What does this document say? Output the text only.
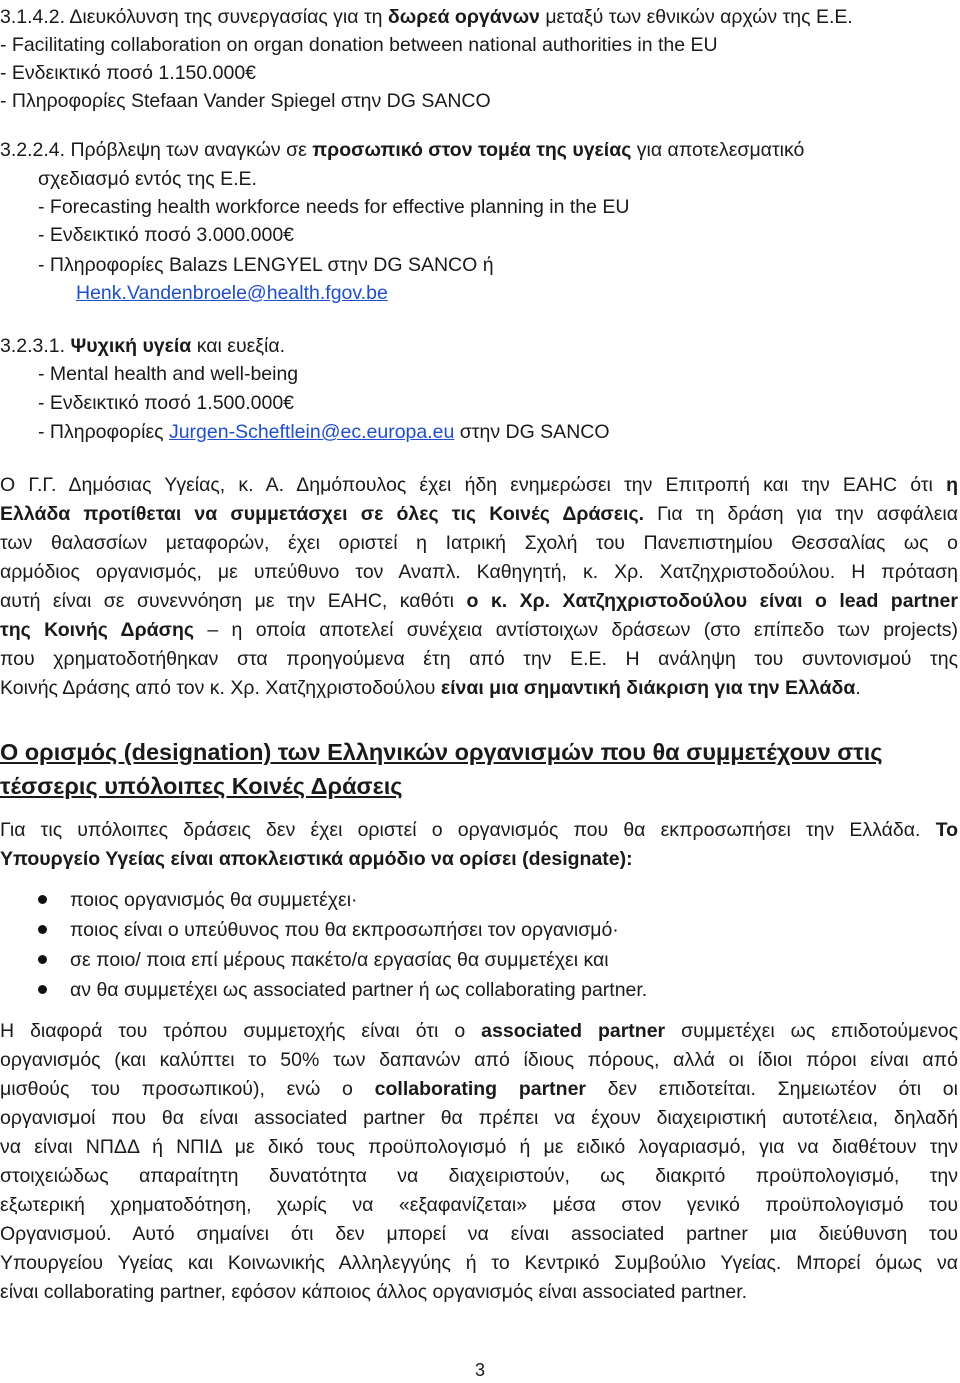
3.1.4.2. Διευκόλυνση της συνεργασίας για τη δωρεά οργάνων μεταξύ των εθνικών αρχών της Ε.Ε.
- Facilitating collaboration on organ donation between national authorities in the EU
- Ενδεικτικό ποσό 1.150.000€
- Πληροφορίες Stefaan Vander Spiegel στην DG SANCO
3.2.2.4. Πρόβλεψη των αναγκών σε προσωπικό στον τομέα της υγείας για αποτελεσματικό
σχεδιασμό εντός της Ε.Ε.
- Forecasting health workforce needs for effective planning in the EU
- Ενδεικτικό ποσό 3.000.000€
- Πληροφορίες Balazs LENGYEL στην DG SANCO ή
Henk.Vandenbroele@health.fgov.be
3.2.3.1. Ψυχική υγεία και ευεξία.
- Mental health and well-being
- Ενδεικτικό ποσό 1.500.000€
- Πληροφορίες Jurgen-Scheftlein@ec.europa.eu στην DG SANCO
Ο Γ.Γ. Δημόσιας Υγείας, κ. Α. Δημόπουλος έχει ήδη ενημερώσει την Επιτροπή και την ΕΑΗC ότι η
Ελλάδα προτίθεται να συμμετάσχει σε όλες τις Κοινές Δράσεις. Για τη δράση για την ασφάλεια
των θαλασσίων μεταφορών, έχει οριστεί η Ιατρική Σχολή του Πανεπιστημίου Θεσσαλίας ως ο
αρμόδιος οργανισμός, με υπεύθυνο τον Αναπλ. Καθηγητή, κ. Χρ. Χατζηχριστοδούλου. Η πρόταση
αυτή είναι σε συνεννόηση με την ΕΑΗC, καθότι ο κ. Χρ. Χατζηχριστοδούλου είναι ο lead partner
της Κοινής Δράσης – η οποία αποτελεί συνέχεια αντίστοιχων δράσεων (στο επίπεδο των projects)
που χρηματοδοτήθηκαν στα προηγούμενα έτη από την Ε.Ε. Η ανάληψη του συντονισμού της
Κοινής Δράσης από τον κ. Χρ. Χατζηχριστοδούλου είναι μια σημαντική διάκριση για την Ελλάδα.
Ο ορισμός (designation) των Ελληνικών οργανισμών που θα συμμετέχουν στις
τέσσερις υπόλοιπες Κοινές Δράσεις
Για τις υπόλοιπες δράσεις δεν έχει οριστεί ο οργανισμός που θα εκπροσωπήσει την Ελλάδα. Το
Υπουργείο Υγείας είναι αποκλειστικά αρμόδιο να ορίσει (designate):
ποιος οργανισμός θα συμμετέχει·
ποιος είναι ο υπεύθυνος που θα εκπροσωπήσει τον οργανισμό·
σε ποιο/ ποια επί μέρους πακέτο/α εργασίας θα συμμετέχει και
αν θα συμμετέχει ως associated partner ή ως collaborating partner.
Η διαφορά του τρόπου συμμετοχής είναι ότι ο associated partner συμμετέχει ως επιδοτούμενος
οργανισμός (και καλύπτει το 50% των δαπανών από ίδιους πόρους, αλλά οι ίδιοι πόροι είναι από
μισθούς του προσωπικού), ενώ ο collaborating partner δεν επιδοτείται. Σημειωτέον ότι οι
οργανισμοί που θα είναι associated partner θα πρέπει να έχουν διαχειριστική αυτοτέλεια, δηλαδή
να είναι ΝΠΔΔ ή ΝΠΙΔ με δικό τους προϋπολογισμό ή με ειδικό λογαριασμό, για να διαθέτουν την
στοιχειώδως απαραίτητη δυνατότητα να διαχειριστούν, ως διακριτό προϋπολογισμό, την
εξωτερική χρηματοδότηση, χωρίς να «εξαφανίζεται» μέσα στον γενικό προϋπολογισμό του
Οργανισμού. Αυτό σημαίνει ότι δεν μπορεί να είναι associated partner μια διεύθυνση του
Υπουργείου Υγείας και Κοινωνικής Αλληλεγγύης ή το Κεντρικό Συμβούλιο Υγείας. Μπορεί όμως να
είναι collaborating partner, εφόσον κάποιος άλλος οργανισμός είναι associated partner.
3
